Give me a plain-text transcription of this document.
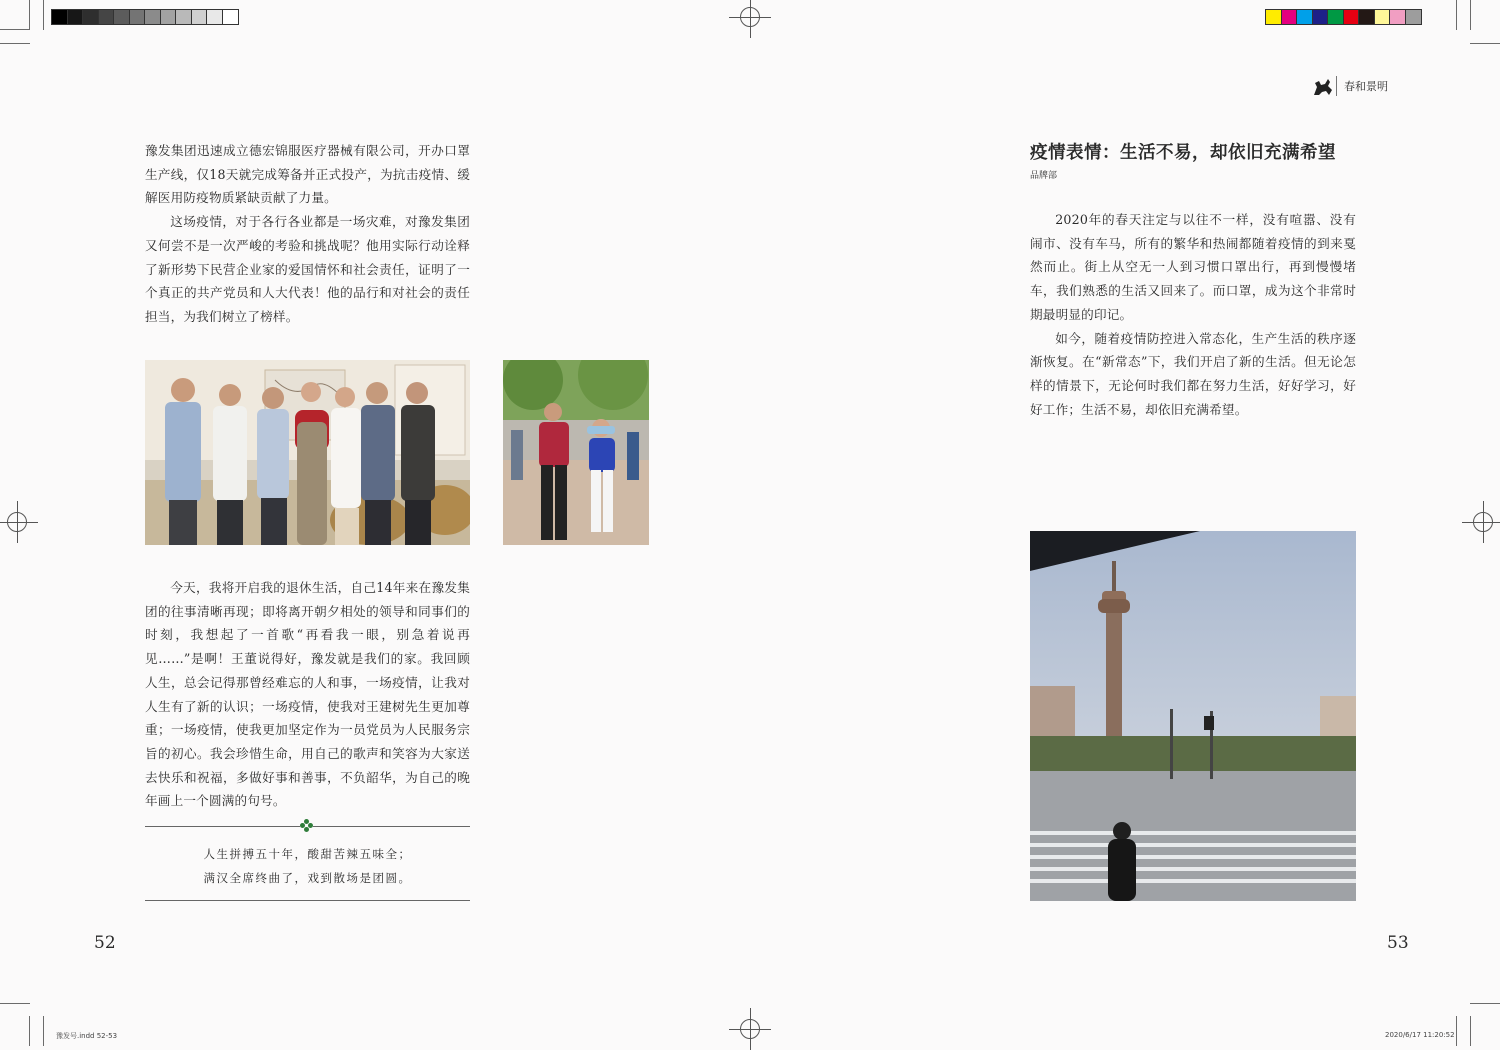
豫发集团迅速成立德宏锦服医疗器械有限公司，开办口罩生产线，仅18天就完成筹备并正式投产，为抗击疫情、缓解医用防疫物质紧缺贡献了力量。

这场疫情，对于各行各业都是一场灾难，对豫发集团又何尝不是一次严峻的考验和挑战呢？他用实际行动诠释了新形势下民营企业家的爱国情怀和社会责任，证明了一个真正的共产党员和人大代表！他的品行和对社会的责任担当，为我们树立了榜样。

今天，我将开启我的退休生活，自己14年来在豫发集团的往事清晰再现；即将离开朝夕相处的领导和同事们的时刻，我想起了一首歌“再看我一眼，别急着说再见……”是啊！王董说得好，豫发就是我们的家。我回顾人生，总会记得那曾经难忘的人和事，一场疫情，让我对人生有了新的认识；一场疫情，使我对王建树先生更加尊重；一场疫情，使我更加坚定作为一员党员为人民服务宗旨的初心。我会珍惜生命，用自己的歌声和笑容为大家送去快乐和祝福，多做好事和善事，不负韶华，为自己的晚年画上一个圆满的句号。

人生拼搏五十年，酸甜苦辣五味全；
满汉全席终曲了，戏到散场是团圆。
52
春和景明
疫情表情：生活不易，却依旧充满希望
品牌部

2020年的春天注定与以往不一样，没有喧嚣、没有闹市、没有车马，所有的繁华和热闹都随着疫情的到来戛然而止。街上从空无一人到习惯口罩出行，再到慢慢堵车，我们熟悉的生活又回来了。而口罩，成为这个非常时期最明显的印记。

如今，随着疫情防控进入常态化，生产生活的秩序逐渐恢复。在“新常态”下，我们开启了新的生活。但无论怎样的情景下，无论何时我们都在努力生活，好好学习，好好工作；生活不易，却依旧充满希望。

53
豫发号.indd 52-53	2020/6/17 11:20:52
